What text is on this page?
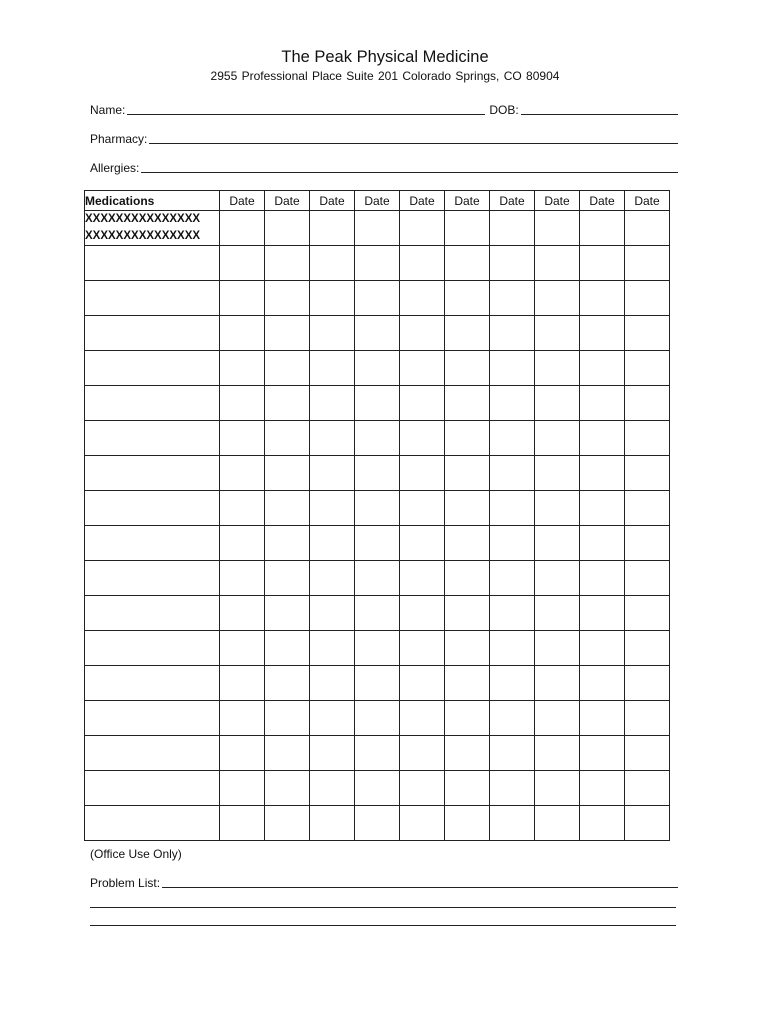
The Peak Physical Medicine
2955 Professional Place Suite 201 Colorado Springs, CO 80904
Name:	DOB:
Pharmacy:
Allergies:
Medications	Date	Date	Date	Date	Date	Date	Date	Date	Date	Date

XXXXXXXXXXXXXXX
XXXXXXXXXXXXXXX										

(Office Use Only)
Problem List:
